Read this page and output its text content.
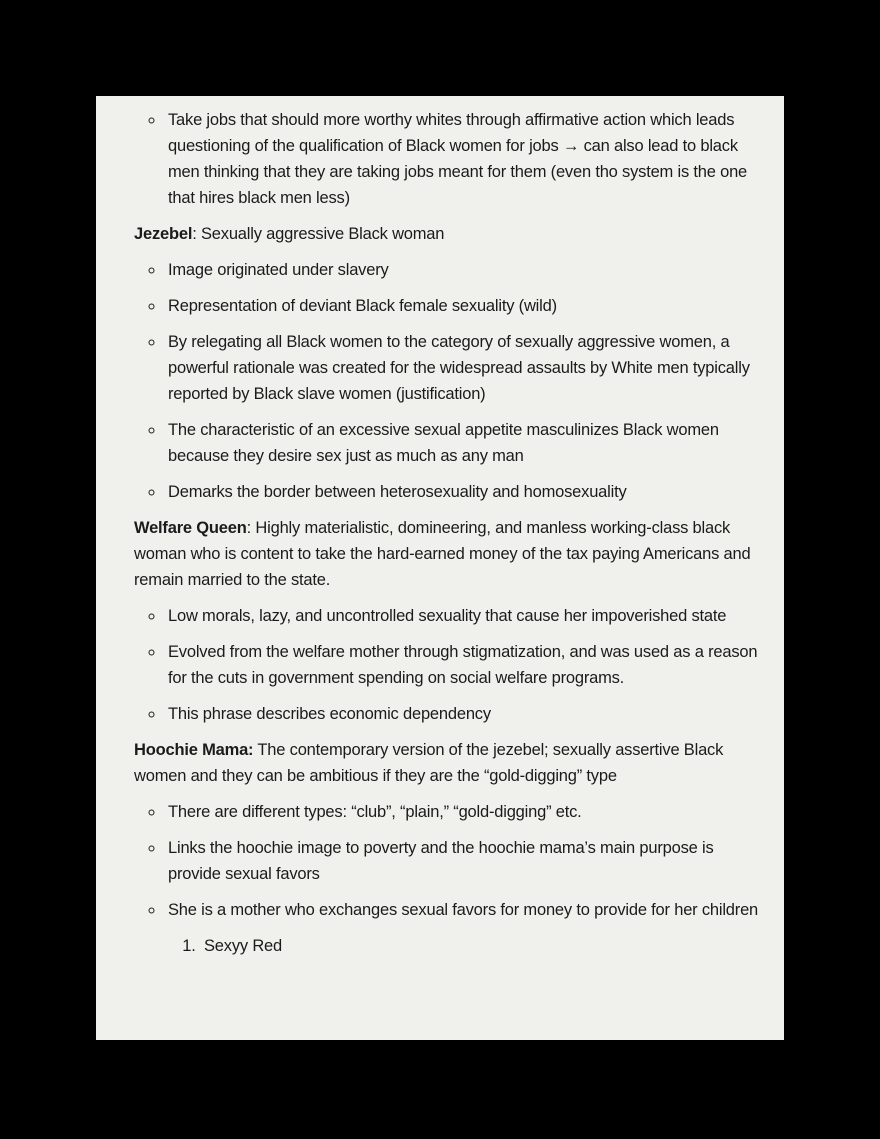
◦ Take jobs that should more worthy whites through affirmative action which leads questioning of the qualification of Black women for jobs → can also lead to black men thinking that they are taking jobs meant for them (even tho system is the one that hires black men less)

Jezebel: Sexually aggressive Black woman

◦ Image originated under slavery
◦ Representation of deviant Black female sexuality (wild)
◦ By relegating all Black women to the category of sexually aggressive women, a powerful rationale was created for the widespread assaults by White men typically reported by Black slave women (justification)
◦ The characteristic of an excessive sexual appetite masculinizes Black women because they desire sex just as much as any man
◦ Demarks the border between heterosexuality and homosexuality

Welfare Queen: Highly materialistic, domineering, and manless working-class black woman who is content to take the hard-earned money of the tax paying Americans and remain married to the state.

◦ Low morals, lazy, and uncontrolled sexuality that cause her impoverished state
◦ Evolved from the welfare mother through stigmatization, and was used as a reason for the cuts in government spending on social welfare programs.
◦ This phrase describes economic dependency

Hoochie Mama: The contemporary version of the jezebel; sexually assertive Black women and they can be ambitious if they are the “gold-digging” type

◦ There are different types: “club”, “plain,” “gold-digging” etc.
◦ Links the hoochie image to poverty and the hoochie mama’s main purpose is provide sexual favors
◦ She is a mother who exchanges sexual favors for money to provide for her children
1. Sexyy Red
